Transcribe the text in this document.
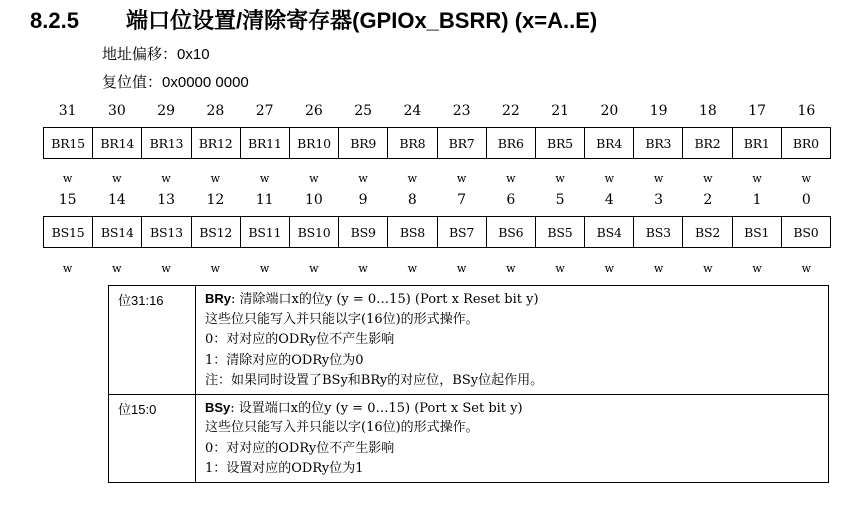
8.2.5 端口位设置/清除寄存器(GPIOx_BSRR) (x=A..E)
地址偏移：0x10
复位值：0x0000 0000
31	30	29	28	27	26	25	24	23	22	21	20	19	18	17	16
BR15	BR14	BR13	BR12	BR11	BR10	BR9	BR8	BR7	BR6	BR5	BR4	BR3	BR2	BR1	BR0
w	w	w	w	w	w	w	w	w	w	w	w	w	w	w	w
15	14	13	12	11	10	9	8	7	6	5	4	3	2	1	0
BS15	BS14	BS13	BS12	BS11	BS10	BS9	BS8	BS7	BS6	BS5	BS4	BS3	BS2	BS1	BS0
w	w	w	w	w	w	w	w	w	w	w	w	w	w	w	w
位31:16	BRy: 清除端口x的位y (y = 0…15) (Port x Reset bit y)
这些位只能写入并只能以字(16位)的形式操作。
0：对对应的ODRy位不产生影响
1：清除对应的ODRy位为0
注：如果同时设置了BSy和BRy的对应位，BSy位起作用。
位15:0	BSy: 设置端口x的位y (y = 0…15) (Port x Set bit y)
这些位只能写入并只能以字(16位)的形式操作。
0：对对应的ODRy位不产生影响
1：设置对应的ODRy位为1
